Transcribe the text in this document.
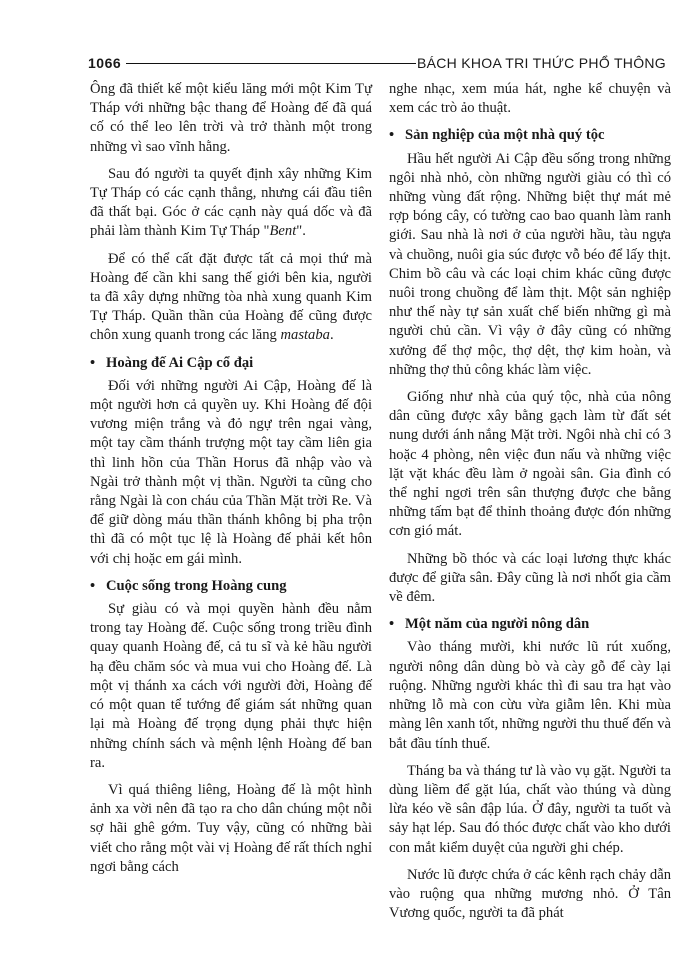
1066	BÁCH KHOA TRI THỨC PHỔ THÔNG

Ông đã thiết kế một kiểu lăng mới một Kim Tự Tháp với những bậc thang để Hoàng đế đã quá cố có thể leo lên trời và trở thành một trong những vì sao vĩnh hằng.

Sau đó người ta quyết định xây những Kim Tự Tháp có các cạnh thẳng, nhưng cái đầu tiên đã thất bại. Góc ở các cạnh này quá dốc và đã phải làm thành Kim Tự Tháp "Bent".

Để có thể cất đặt được tất cả mọi thứ mà Hoàng đế cần khi sang thế giới bên kia, người ta đã xây dựng những tòa nhà xung quanh Kim Tự Tháp. Quần thần của Hoàng đế cũng được chôn xung quanh trong các lăng mastaba.

• Hoàng đế Ai Cập cổ đại

Đối với những người Ai Cập, Hoàng đế là một người hơn cả quyền uy. Khi Hoàng đế đội vương miện trắng và đỏ ngự trên ngai vàng, một tay cầm thánh trượng một tay cầm liên gia thì linh hồn của Thần Horus đã nhập vào và Ngài trở thành một vị thần. Người ta cũng cho rằng Ngài là con cháu của Thần Mặt trời Re. Và để giữ dòng máu thần thánh không bị pha trộn thì đã có một tục lệ là Hoàng đế phải kết hôn với chị hoặc em gái mình.

• Cuộc sống trong Hoàng cung

Sự giàu có và mọi quyền hành đều nằm trong tay Hoàng đế. Cuộc sống trong triều đình quay quanh Hoàng đế, cả tu sĩ và kẻ hầu người hạ đều chăm sóc và mua vui cho Hoàng đế. Là một vị thánh xa cách với người đời, Hoàng đế có một quan tể tướng để giám sát những quan lại mà Hoàng đế trọng dụng phải thực hiện những chính sách và mệnh lệnh Hoàng đế ban ra.

Vì quá thiêng liêng, Hoàng đế là một hình ảnh xa vời nên đã tạo ra cho dân chúng một nỗi sợ hãi ghê gớm. Tuy vậy, cũng có những bài viết cho rằng một vài vị Hoàng đế rất thích nghỉ ngơi bằng cách

nghe nhạc, xem múa hát, nghe kể chuyện và xem các trò ảo thuật.

• Sản nghiệp của một nhà quý tộc

Hầu hết người Ai Cập đều sống trong những ngôi nhà nhỏ, còn những người giàu có thì có những vùng đất rộng. Những biệt thự mát mẻ rợp bóng cây, có tường cao bao quanh làm ranh giới. Sau nhà là nơi ở của người hầu, tàu ngựa và chuồng, nuôi gia súc được vỗ béo để lấy thịt. Chim bồ câu và các loại chim khác cũng được nuôi trong chuồng để làm thịt. Một sản nghiệp như thế này tự sản xuất chế biến những gì mà người chủ cần. Vì vậy ở đây cũng có những xưởng để thợ mộc, thợ dệt, thợ kim hoàn, và những thợ thủ công khác làm việc.

Giống như nhà của quý tộc, nhà của nông dân cũng được xây bằng gạch làm từ đất sét nung dưới ánh nắng Mặt trời. Ngôi nhà chỉ có 3 hoặc 4 phòng, nên việc đun nấu và những việc lặt vặt khác đều làm ở ngoài sân. Gia đình có thể nghỉ ngơi trên sân thượng được che bằng những tấm bạt để thỉnh thoảng được đón những cơn gió mát.

Những bồ thóc và các loại lương thực khác được để giữa sân. Đây cũng là nơi nhốt gia cầm về đêm.

• Một năm của người nông dân

Vào tháng mười, khi nước lũ rút xuống, người nông dân dùng bò và cày gỗ để cày lại ruộng. Những người khác thì đi sau tra hạt vào những lỗ mà con cừu vừa giẫm lên. Khi mùa màng lên xanh tốt, những người thu thuế đến và bắt đầu tính thuế.

Tháng ba và tháng tư là vào vụ gặt. Người ta dùng liềm để gặt lúa, chất vào thúng và dùng lừa kéo về sân đập lúa. Ở đây, người ta tuốt và sảy hạt lép. Sau đó thóc được chất vào kho dưới con mắt kiểm duyệt của người ghi chép.

Nước lũ được chứa ở các kênh rạch chảy dẫn vào ruộng qua những mương nhỏ. Ở Tân Vương quốc, người ta đã phát
